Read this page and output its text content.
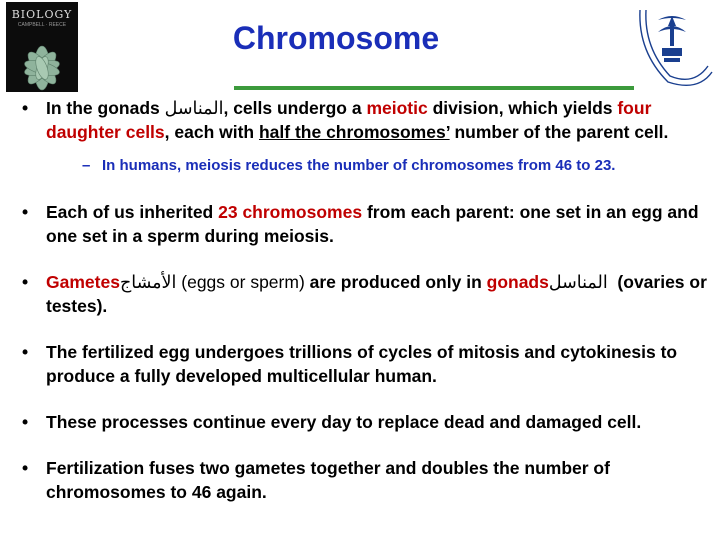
BIOLOGY
CAMPBELL · REECE	Chromosome
• In the gonads المناسل, cells undergo a meiotic division, which yields four daughter cells, each with half the chromosomes’ number of the parent cell.
– In humans, meiosis reduces the number of chromosomes from 46 to 23.
• Each of us inherited 23 chromosomes from each parent: one set in an egg and one set in a sperm during meiosis.
• Gametes الأمشاج(eggs or sperm) are produced only in gonads المناسل (ovaries or testes).
• The fertilized egg undergoes trillions of cycles of mitosis and cytokinesis to produce a fully developed multicellular human.
• These processes continue every day to replace dead and damaged cell.
• Fertilization fuses two gametes together and doubles the number of chromosomes to 46 again.
